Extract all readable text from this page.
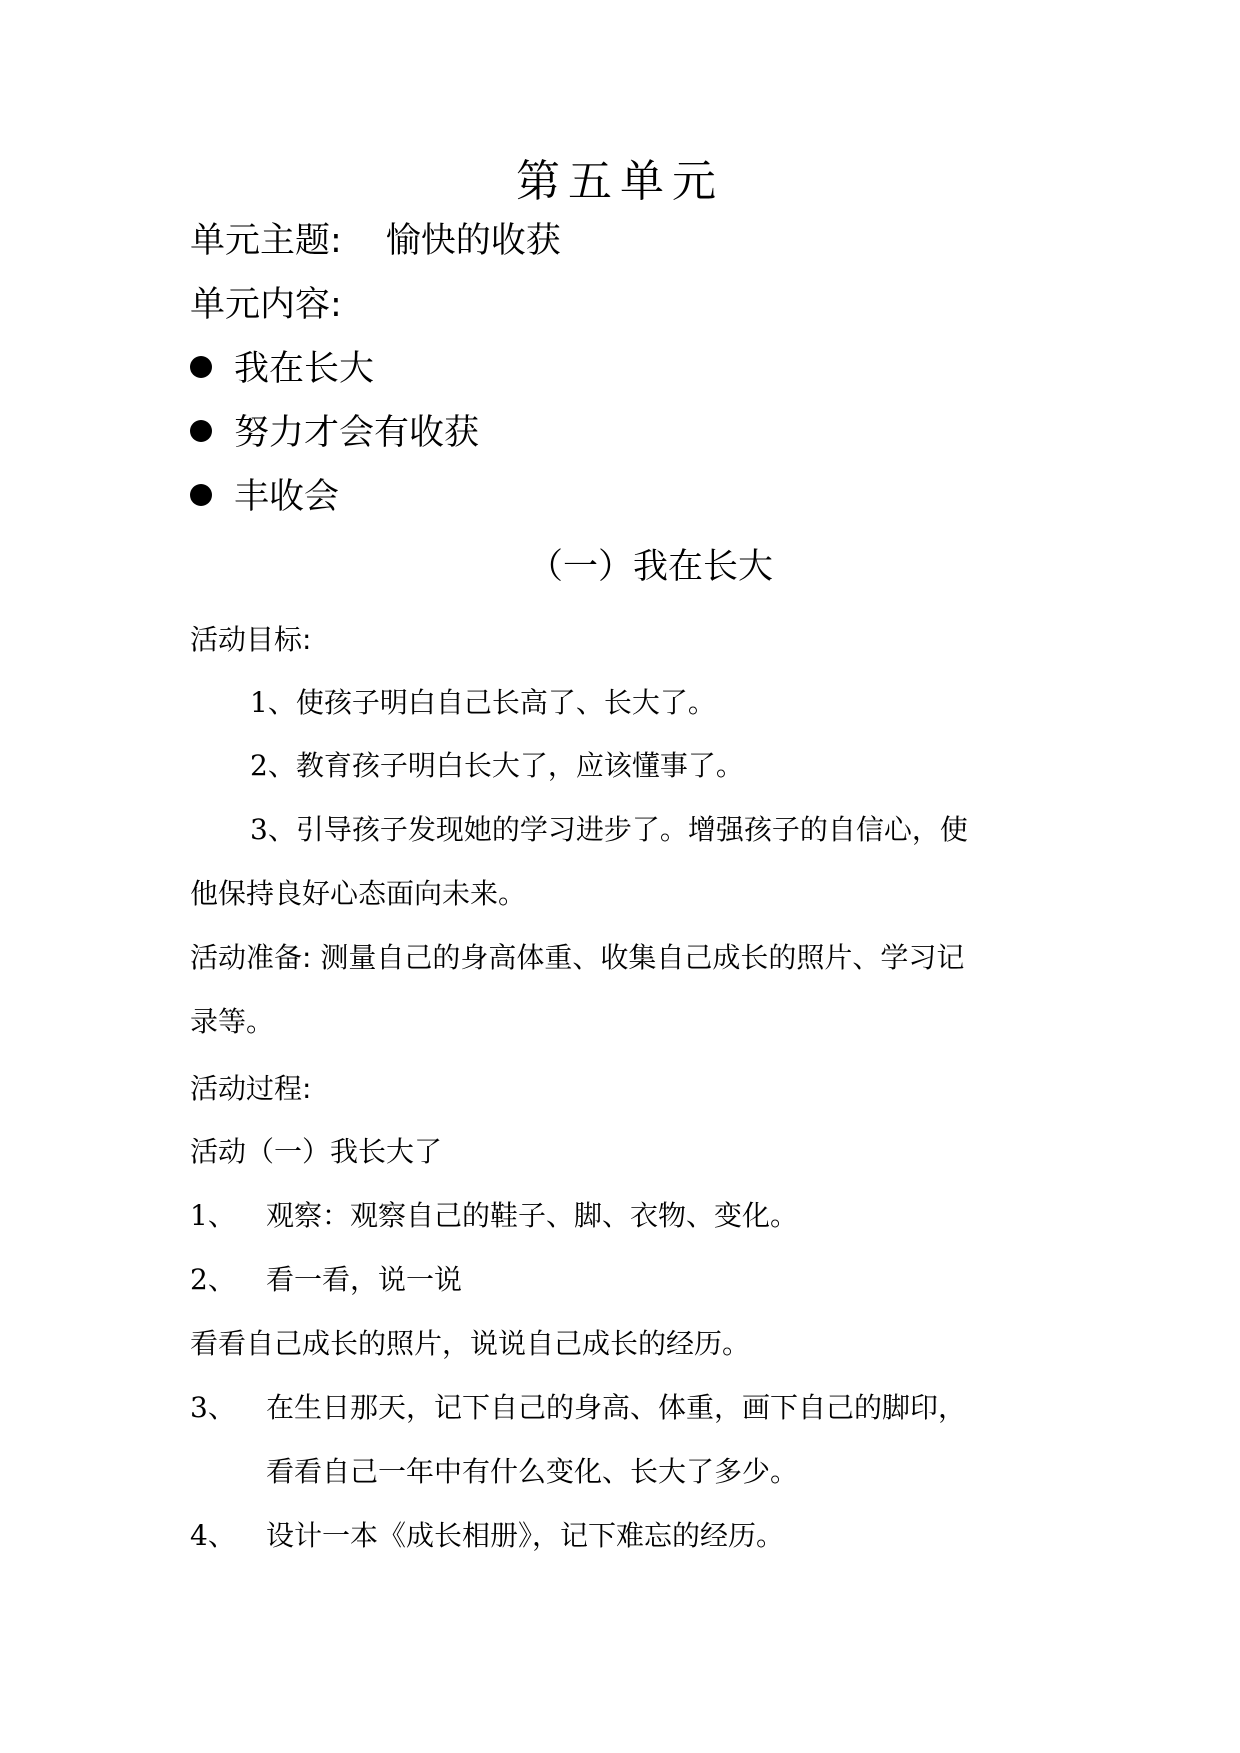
第五单元
单元主题: 愉快的收获
单元内容:
我在长大
努力才会有收获
丰收会
（一）我在长大
活动目标:
1、使孩子明白自己长高了、长大了。
2、教育孩子明白长大了，应该懂事了。
3、引导孩子发现她的学习进步了。增强孩子的自信心，使
他保持良好心态面向未来。
活动准备: 测量自己的身高体重、收集自己成长的照片、学习记
录等。
活动过程:
活动（一）我长大了
1、 观察：观察自己的鞋子、脚、衣物、变化。
2、 看一看，说一说
看看自己成长的照片，说说自己成长的经历。
3、 在生日那天，记下自己的身高、体重，画下自己的脚印，
看看自己一年中有什么变化、长大了多少。
4、 设计一本《成长相册》，记下难忘的经历。
